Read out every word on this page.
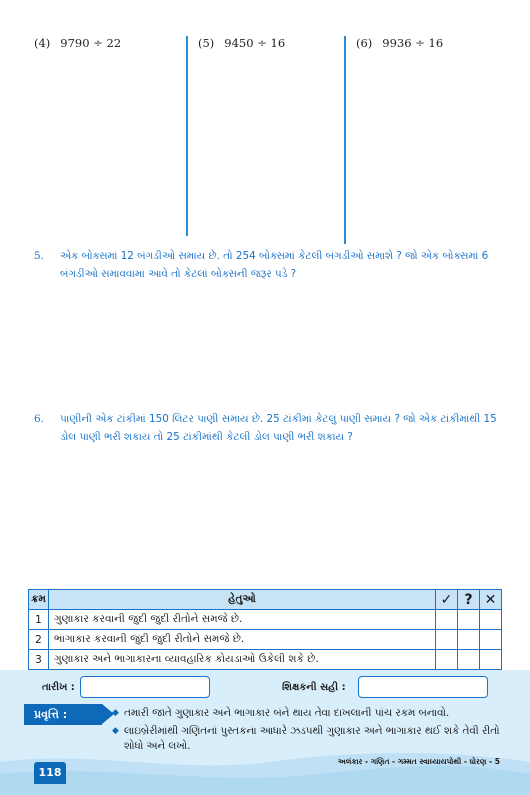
(4) 9790 ÷ 22	(5) 9450 ÷ 16	(6) 9936 ÷ 16
5. એક બોક્સમાં 12 બંગડીઓ સમાય છે. તો 254 બોક્સમાં કેટલી બંગડીઓ સમાશે ? જો એક બોક્સમાં 6 બંગડીઓ સમાવવામાં આવે તો કેટલાં બોક્સની જરૂર પડે ?
6. પાણીની એક ટાંકીમાં 150 લિટર પાણી સમાય છે. 25 ટાંકીમાં કેટલું પાણી સમાય ? જો એક ટાંકીમાંથી 15 ડોલ પાણી ભરી શકાય તો 25 ટાંકીમાંથી કેટલી ડોલ પાણી ભરી શકાય ?
ક્રમ	હેતુઓ	✓	?	✕
1	ગુણાકાર કરવાની જુદી જુદી રીતોને સમજે છે.			
2	ભાગાકાર કરવાની જુદી જુદી રીતોને સમજે છે.			
3	ગુણાકાર અને ભાગાકારના વ્યાવહારિક કોયડાઓ ઉકેલી શકે છે.			
તારીખ :	શિક્ષકની સહી :
પ્રવૃત્તિ :	◆ તમારી જાતે ગુણાકાર અને ભાગાકાર બંને થાય તેવા દાખલાની પાંચ રકમ બનાવો.
◆ લાઇબ્રેરીમાંથી ગણિતનાં પુસ્તકના આધારે ઝડપથી ગુણાકાર અને ભાગાકાર થઈ શકે તેવી રીતો શોધો અને લખો.
અલંકાર - ગણિત - ગમ્મત સ્વાધ્યાયપોથી - ધોરણ - 5
118
